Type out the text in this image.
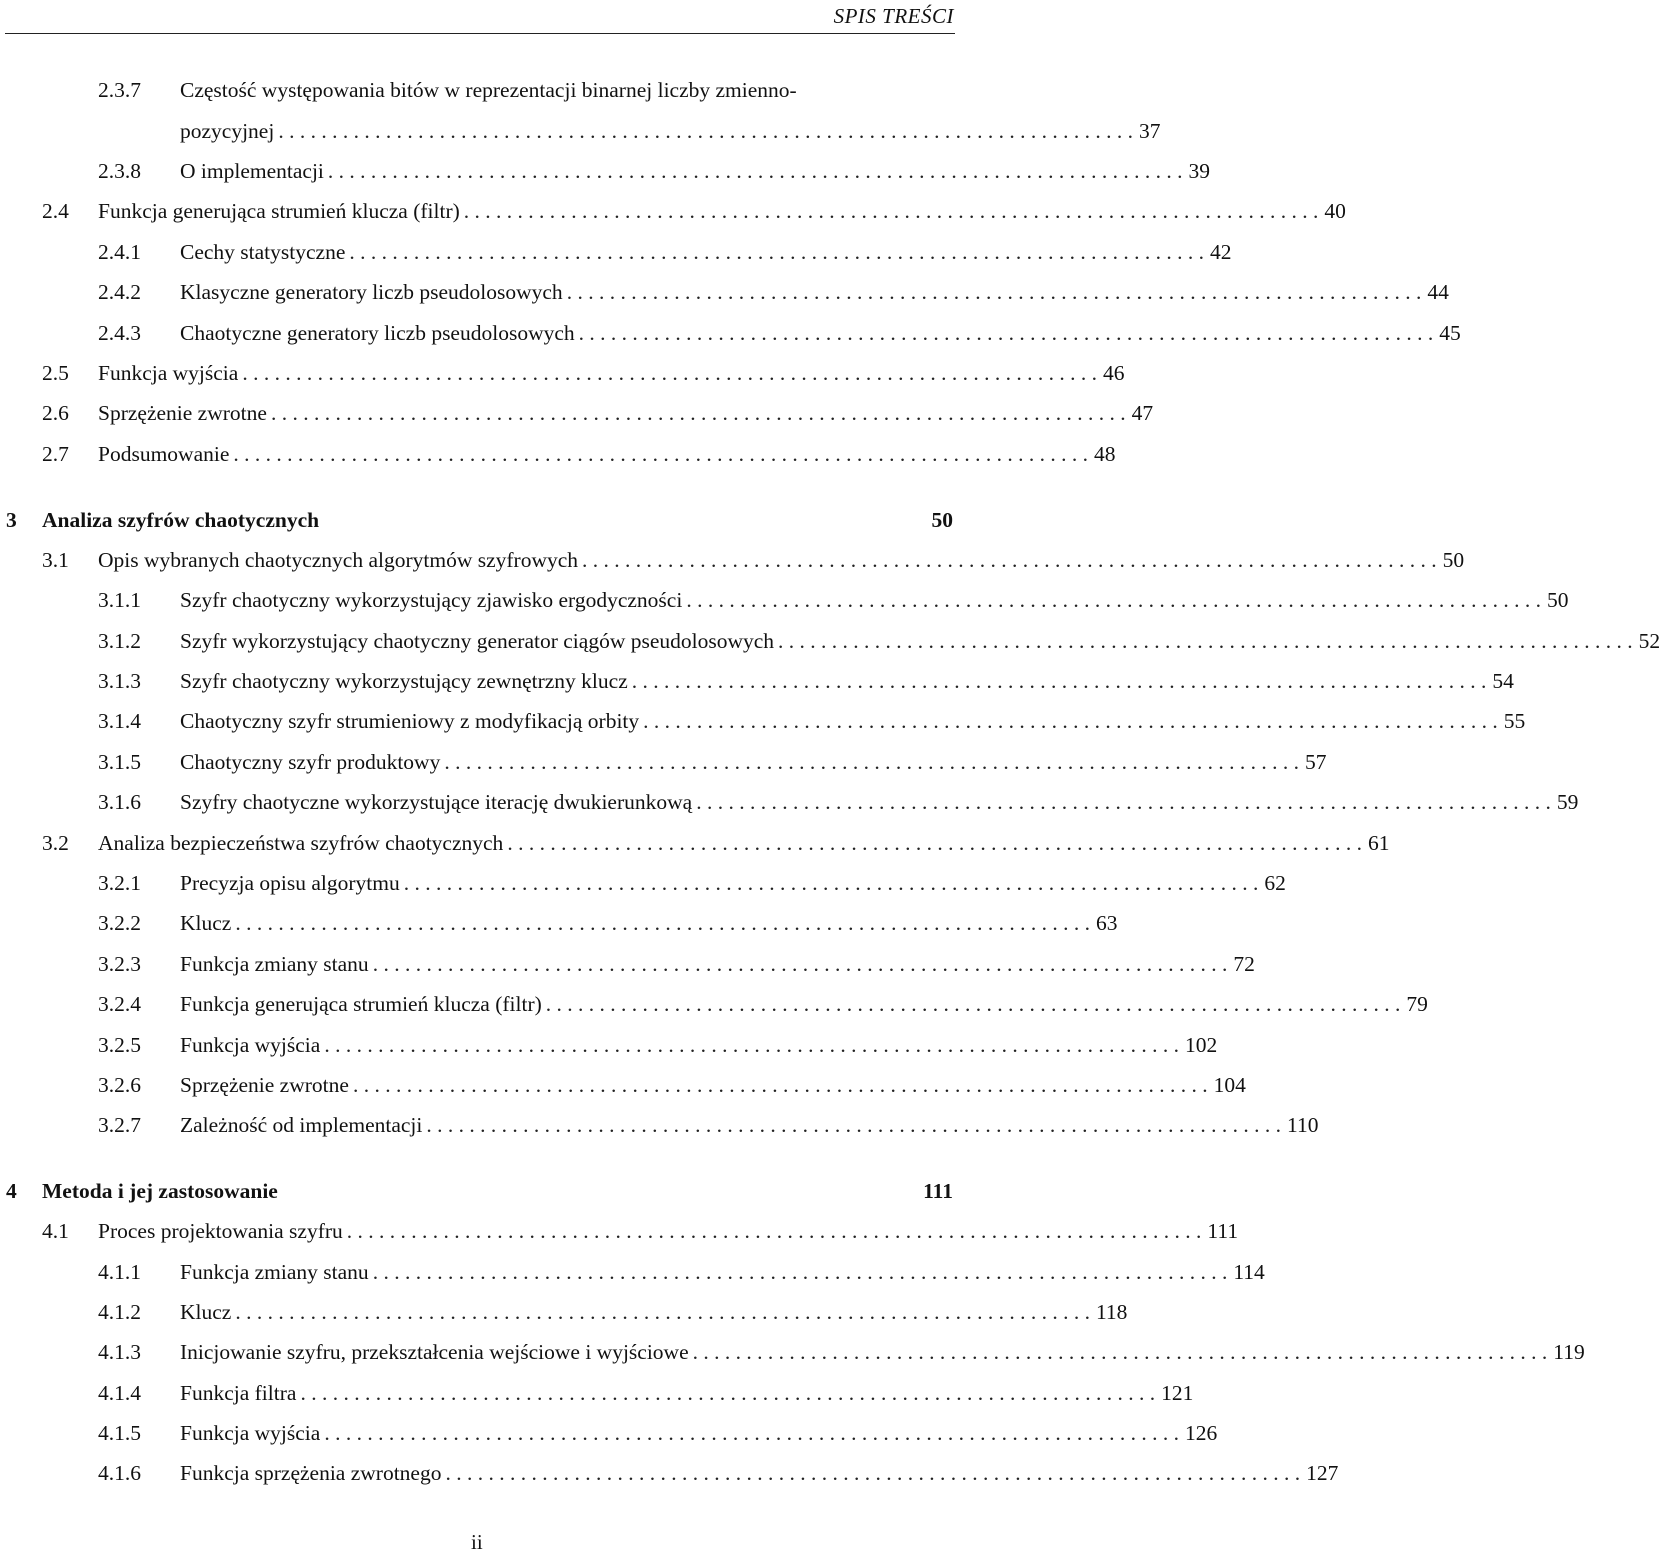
SPIS TREŚCI
2.3.7 Częstość występowania bitów w reprezentacji binarnej liczby zmienno-
pozycyjnej . . . . . . . . . . . . . . . . . . . . . . . . . . . . . . . . . . . . . . . . . . . . . . . . . . . . . . . . . . . . . . . . . . . . . . . . . . . . . . . . 37
2.3.8 O implementacji . . . . . . . . . . . . . . . . . . . . . . . . . . . . . . . . . . . . . . . . . . . . . . . . . . . . . . . . . . . . . . . . . . . . . . . . . . . . . . . . 39
2.4 Funkcja generująca strumień klucza (filtr) . . . . . . . . . . . . . . . . . . . . . . . . . . . . . . . . . . . . . . . . . . . . . . . . . . . . . . . . . . . . . . . . . . . . . . . . . . . . . . . . 40
2.4.1 Cechy statystyczne . . . . . . . . . . . . . . . . . . . . . . . . . . . . . . . . . . . . . . . . . . . . . . . . . . . . . . . . . . . . . . . . . . . . . . . . . . . . . . . . 42
2.4.2 Klasyczne generatory liczb pseudolosowych . . . . . . . . . . . . . . . . . . . . . . . . . . . . . . . . . . . . . . . . . . . . . . . . . . . . . . . . . . . . . . . . . . . . . . . . . . . . . . . . 44
2.4.3 Chaotyczne generatory liczb pseudolosowych . . . . . . . . . . . . . . . . . . . . . . . . . . . . . . . . . . . . . . . . . . . . . . . . . . . . . . . . . . . . . . . . . . . . . . . . . . . . . . . . 45
2.5 Funkcja wyjścia . . . . . . . . . . . . . . . . . . . . . . . . . . . . . . . . . . . . . . . . . . . . . . . . . . . . . . . . . . . . . . . . . . . . . . . . . . . . . . . . 46
2.6 Sprzężenie zwrotne . . . . . . . . . . . . . . . . . . . . . . . . . . . . . . . . . . . . . . . . . . . . . . . . . . . . . . . . . . . . . . . . . . . . . . . . . . . . . . . . 47
2.7 Podsumowanie . . . . . . . . . . . . . . . . . . . . . . . . . . . . . . . . . . . . . . . . . . . . . . . . . . . . . . . . . . . . . . . . . . . . . . . . . . . . . . . . 48
3 Analiza szyfrów chaotycznych	50
3.1 Opis wybranych chaotycznych algorytmów szyfrowych . . . . . . . . . . . . . . . . . . . . . . . . . . . . . . . . . . . . . . . . . . . . . . . . . . . . . . . . . . . . . . . . . . . . . . . . . . . . . . . . 50
3.1.1 Szyfr chaotyczny wykorzystujący zjawisko ergodyczności . . . . . . . . . . . . . . . . . . . . . . . . . . . . . . . . . . . . . . . . . . . . . . . . . . . . . . . . . . . . . . . . . . . . . . . . . . . . . . . . 50
3.1.2 Szyfr wykorzystujący chaotyczny generator ciągów pseudolosowych . . . . . . . . . . . . . . . . . . . . . . . . . . . . . . . . . . . . . . . . . . . . . . . . . . . . . . . . . . . . . . . . . . . . . . . . . . . . . . . . 52
3.1.3 Szyfr chaotyczny wykorzystujący zewnętrzny klucz . . . . . . . . . . . . . . . . . . . . . . . . . . . . . . . . . . . . . . . . . . . . . . . . . . . . . . . . . . . . . . . . . . . . . . . . . . . . . . . . 54
3.1.4 Chaotyczny szyfr strumieniowy z modyfikacją orbity . . . . . . . . . . . . . . . . . . . . . . . . . . . . . . . . . . . . . . . . . . . . . . . . . . . . . . . . . . . . . . . . . . . . . . . . . . . . . . . . 55
3.1.5 Chaotyczny szyfr produktowy . . . . . . . . . . . . . . . . . . . . . . . . . . . . . . . . . . . . . . . . . . . . . . . . . . . . . . . . . . . . . . . . . . . . . . . . . . . . . . . . 57
3.1.6 Szyfry chaotyczne wykorzystujące iterację dwukierunkową . . . . . . . . . . . . . . . . . . . . . . . . . . . . . . . . . . . . . . . . . . . . . . . . . . . . . . . . . . . . . . . . . . . . . . . . . . . . . . . . 59
3.2 Analiza bezpieczeństwa szyfrów chaotycznych . . . . . . . . . . . . . . . . . . . . . . . . . . . . . . . . . . . . . . . . . . . . . . . . . . . . . . . . . . . . . . . . . . . . . . . . . . . . . . . . 61
3.2.1 Precyzja opisu algorytmu . . . . . . . . . . . . . . . . . . . . . . . . . . . . . . . . . . . . . . . . . . . . . . . . . . . . . . . . . . . . . . . . . . . . . . . . . . . . . . . . 62
3.2.2 Klucz . . . . . . . . . . . . . . . . . . . . . . . . . . . . . . . . . . . . . . . . . . . . . . . . . . . . . . . . . . . . . . . . . . . . . . . . . . . . . . . . 63
3.2.3 Funkcja zmiany stanu . . . . . . . . . . . . . . . . . . . . . . . . . . . . . . . . . . . . . . . . . . . . . . . . . . . . . . . . . . . . . . . . . . . . . . . . . . . . . . . . 72
3.2.4 Funkcja generująca strumień klucza (filtr) . . . . . . . . . . . . . . . . . . . . . . . . . . . . . . . . . . . . . . . . . . . . . . . . . . . . . . . . . . . . . . . . . . . . . . . . . . . . . . . . 79
3.2.5 Funkcja wyjścia . . . . . . . . . . . . . . . . . . . . . . . . . . . . . . . . . . . . . . . . . . . . . . . . . . . . . . . . . . . . . . . . . . . . . . . . . . . . . . . . 102
3.2.6 Sprzężenie zwrotne . . . . . . . . . . . . . . . . . . . . . . . . . . . . . . . . . . . . . . . . . . . . . . . . . . . . . . . . . . . . . . . . . . . . . . . . . . . . . . . . 104
3.2.7 Zależność od implementacji . . . . . . . . . . . . . . . . . . . . . . . . . . . . . . . . . . . . . . . . . . . . . . . . . . . . . . . . . . . . . . . . . . . . . . . . . . . . . . . . 110
4 Metoda i jej zastosowanie	111
4.1 Proces projektowania szyfru . . . . . . . . . . . . . . . . . . . . . . . . . . . . . . . . . . . . . . . . . . . . . . . . . . . . . . . . . . . . . . . . . . . . . . . . . . . . . . . . 111
4.1.1 Funkcja zmiany stanu . . . . . . . . . . . . . . . . . . . . . . . . . . . . . . . . . . . . . . . . . . . . . . . . . . . . . . . . . . . . . . . . . . . . . . . . . . . . . . . . 114
4.1.2 Klucz . . . . . . . . . . . . . . . . . . . . . . . . . . . . . . . . . . . . . . . . . . . . . . . . . . . . . . . . . . . . . . . . . . . . . . . . . . . . . . . . 118
4.1.3 Inicjowanie szyfru, przekształcenia wejściowe i wyjściowe . . . . . . . . . . . . . . . . . . . . . . . . . . . . . . . . . . . . . . . . . . . . . . . . . . . . . . . . . . . . . . . . . . . . . . . . . . . . . . . . 119
4.1.4 Funkcja filtra . . . . . . . . . . . . . . . . . . . . . . . . . . . . . . . . . . . . . . . . . . . . . . . . . . . . . . . . . . . . . . . . . . . . . . . . . . . . . . . . 121
4.1.5 Funkcja wyjścia . . . . . . . . . . . . . . . . . . . . . . . . . . . . . . . . . . . . . . . . . . . . . . . . . . . . . . . . . . . . . . . . . . . . . . . . . . . . . . . . 126
4.1.6 Funkcja sprzężenia zwrotnego . . . . . . . . . . . . . . . . . . . . . . . . . . . . . . . . . . . . . . . . . . . . . . . . . . . . . . . . . . . . . . . . . . . . . . . . . . . . . . . . 127
ii
